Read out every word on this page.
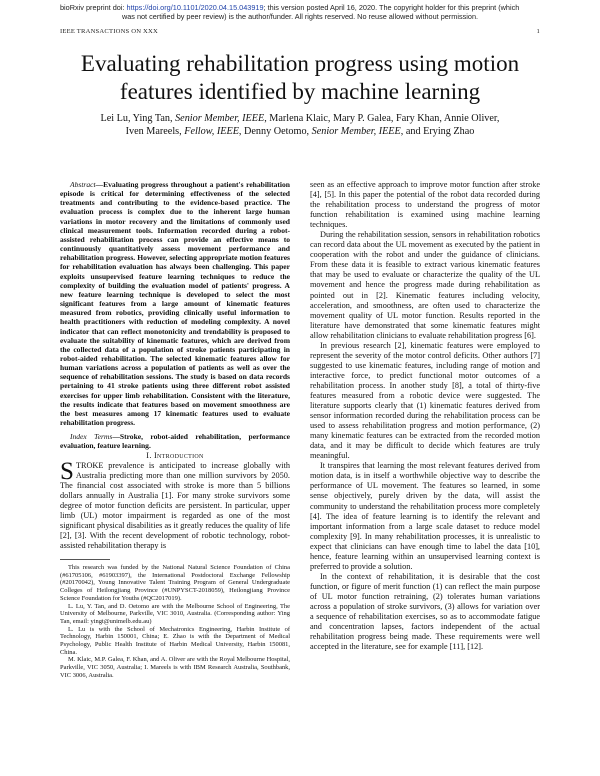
bioRxiv preprint doi: https://doi.org/10.1101/2020.04.15.043919; this version posted April 16, 2020. The copyright holder for this preprint (which
was not certified by peer review) is the author/funder. All rights reserved. No reuse allowed without permission.
IEEE TRANSACTIONS ON XXX	1
Evaluating rehabilitation progress using motion features identified by machine learning
Lei Lu, Ying Tan, Senior Member, IEEE, Marlena Klaic, Mary P. Galea, Fary Khan, Annie Oliver,
Iven Mareels, Fellow, IEEE, Denny Oetomo, Senior Member, IEEE, and Erying Zhao

Abstract—Evaluating progress throughout a patient's rehabilitation episode is critical for determining effectiveness of the selected treatments and contributing to the evidence-based practice. The evaluation process is complex due to the inherent large human variations in motor recovery and the limitations of commonly used clinical measurement tools. Information recorded during a robot-assisted rehabilitation process can provide an effective means to continuously quantitatively assess movement performance and rehabilitation progress. However, selecting appropriate motion features for rehabilitation evaluation has always been challenging. This paper exploits unsupervised feature learning techniques to reduce the complexity of building the evaluation model of patients' progress. A new feature learning technique is developed to select the most significant features from a large amount of kinematic features measured from robotics, providing clinically useful information to health practitioners with reduction of modeling complexity. A novel indicator that can reflect monotonicity and trendability is proposed to evaluate the suitability of kinematic features, which are derived from the collected data of a population of stroke patients participating in robot-aided rehabilitation. The selected kinematic features allow for human variations across a population of patients as well as over the sequence of rehabilitation sessions. The study is based on data records pertaining to 41 stroke patients using three different robot assisted exercises for upper limb rehabilitation. Consistent with the literature, the results indicate that features based on movement smoothness are the best measures among 17 kinematic features used to evaluate rehabilitation progress.

Index Terms—Stroke, robot-aided rehabilitation, performance evaluation, feature learning.

I. Introduction

STROKE prevalence is anticipated to increase globally with Australia predicting more than one million survivors by 2050. The financial cost associated with stroke is more than 5 billions dollars annually in Australia [1]. For many stroke survivors some degree of motor function deficits are persistent. In particular, upper limb (UL) motor impairment is regarded as one of the most significant physical disabilities as it greatly reduces the quality of life [2], [3]. With the recent development of robotic technology, robot-assisted rehabilitation therapy is

This research was funded by the National Natural Science Foundation of China (#61705106, #61903397), the International Postdoctoral Exchange Fellowship (#20170042), Young Innovative Talent Training Program of General Undergraduate Colleges of Heilongjiang Province (#UNPYSCT-2018059), Heilongjiang Province Science Foundation for Youths (#QC2017019).

L. Lu, Y. Tan, and D. Oetomo are with the Melbourne School of Engineering, The University of Melbourne, Parkville, VIC 3010, Australia. (Corresponding author: Ying Tan, email: yingt@unimelb.edu.au)

L. Lu is with the School of Mechatronics Engineering, Harbin Institute of Technology, Harbin 150001, China; E. Zhao is with the Department of Medical Psychology, Public Health Institute of Harbin Medical University, Harbin 150081, China.

M. Klaic, M.P. Galea, F. Khan, and A. Oliver are with the Royal Melbourne Hospital, Parkville, VIC 3050, Australia; I. Mareels is with IBM Research Australia, Southbank, VIC 3006, Australia.

seen as an effective approach to improve motor function after stroke [4], [5]. In this paper the potential of the robot data recorded during the rehabilitation process to understand the progress of motor function rehabilitation is examined using machine learning techniques.

During the rehabilitation session, sensors in rehabilitation robotics can record data about the UL movement as executed by the patient in cooperation with the robot and under the guidance of clinicians. From these data it is feasible to extract various kinematic features that may be used to evaluate or characterize the quality of the UL movement and hence the progress made during rehabilitation as pointed out in [2]. Kinematic features including velocity, acceleration, and smoothness, are often used to characterize the movement quality of UL motor function. Results reported in the literature have demonstrated that some kinematic features might allow rehabilitation clinicians to evaluate rehabilitation progress [6].

In previous research [2], kinematic features were employed to represent the severity of the motor control deficits. Other authors [7] suggested to use kinematic features, including range of motion and interactive force, to predict functional motor outcomes of a rehabilitation process. In another study [8], a total of thirty-five features measured from a robotic device were suggested. The literature supports clearly that (1) kinematic features derived from sensor information recorded during the rehabilitation process can be used to assess rehabilitation progress and motion performance, (2) many kinematic features can be extracted from the recorded motion data, and it may be difficult to decide which features are truly meaningful.

It transpires that learning the most relevant features derived from motion data, is in itself a worthwhile objective way to describe the performance of UL movement. The features so learned, in some sense objectively, purely driven by the data, will assist the community to understand the rehabilitation process more completely [4]. The idea of feature learning is to identify the relevant and important information from a large scale dataset to reduce model complexity [9]. In many rehabilitation processes, it is unrealistic to expect that clinicians can have enough time to label the data [10], hence, feature learning within an unsupervised learning context is preferred to provide a solution.

In the context of rehabilitation, it is desirable that the cost function, or figure of merit function (1) can reflect the main purpose of UL motor function retraining, (2) tolerates human variations across a population of stroke survivors, (3) allows for variation over a sequence of rehabilitation exercises, so as to accommodate fatigue and concentration lapses, factors independent of the actual rehabilitation progress being made. These requirements were well accepted in the literature, see for example [11], [12].
